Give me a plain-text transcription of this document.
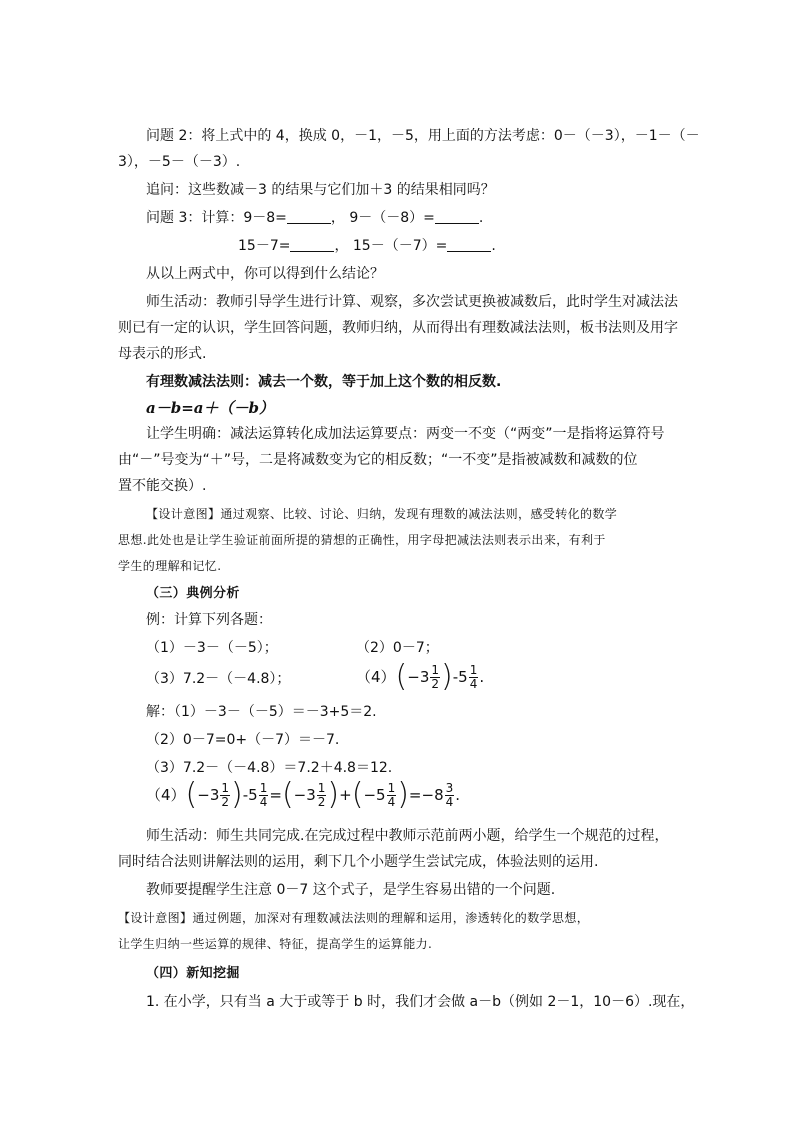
问题 2：将上式中的 4，换成 0，－1，－5，用上面的方法考虑：0－（－3），－1－（－
3），－5－（－3）.
追问：这些数减－3 的结果与它们加＋3 的结果相同吗？
问题 3：计算：9－8=	， 9－（－8）=	.
15－7=	， 15－（－7）=	.
从以上两式中，你可以得到什么结论？
师生活动：教师引导学生进行计算、观察，多次尝试更换被减数后，此时学生对减法法
则已有一定的认识，学生回答问题，教师归纳，从而得出有理数减法法则，板书法则及用字
母表示的形式.
有理数减法法则：减去一个数，等于加上这个数的相反数.
a－b=a＋（－b）
让学生明确：减法运算转化成加法运算要点：两变一不变（“两变”一是指将运算符号
由“－”号变为“＋”号，二是将减数变为它的相反数；“一不变”是指被减数和减数的位
置不能交换）.
【设计意图】通过观察、比较、讨论、归纳，发现有理数的减法法则，感受转化的数学
思想.此处也是让学生验证前面所提的猜想的正确性，用字母把减法法则表示出来，有利于
学生的理解和记忆.
（三）典例分析
例：计算下列各题：
（1）－3－（－5）；	（2）0－7；
（3）7.2－（－4.8）；	（4） ( $-3 \frac{1}{2}$ ) - $5 \frac{1}{4}$ .
解：（1）－3－（－5）＝－3+5＝2.
（2）0－7=0+（－7）＝－7.
（3）7.2－（－4.8）＝7.2＋4.8＝12.
（4） ( $-3 \frac{1}{2}$ ) - $5 \frac{1}{4}$ = ( $-3 \frac{1}{2}$ ) + ( $-5 \frac{1}{4}$ ) = $-8 \frac{3}{4}$ .
师生活动：师生共同完成.在完成过程中教师示范前两小题，给学生一个规范的过程，
同时结合法则讲解法则的运用，剩下几个小题学生尝试完成，体验法则的运用.
教师要提醒学生注意 0－7 这个式子，是学生容易出错的一个问题.
【设计意图】通过例题，加深对有理数减法法则的理解和运用，渗透转化的数学思想，
让学生归纳一些运算的规律、特征，提高学生的运算能力.
（四）新知挖掘
1. 在小学，只有当 a 大于或等于 b 时，我们才会做 a－b（例如 2－1，10－6）.现在，
